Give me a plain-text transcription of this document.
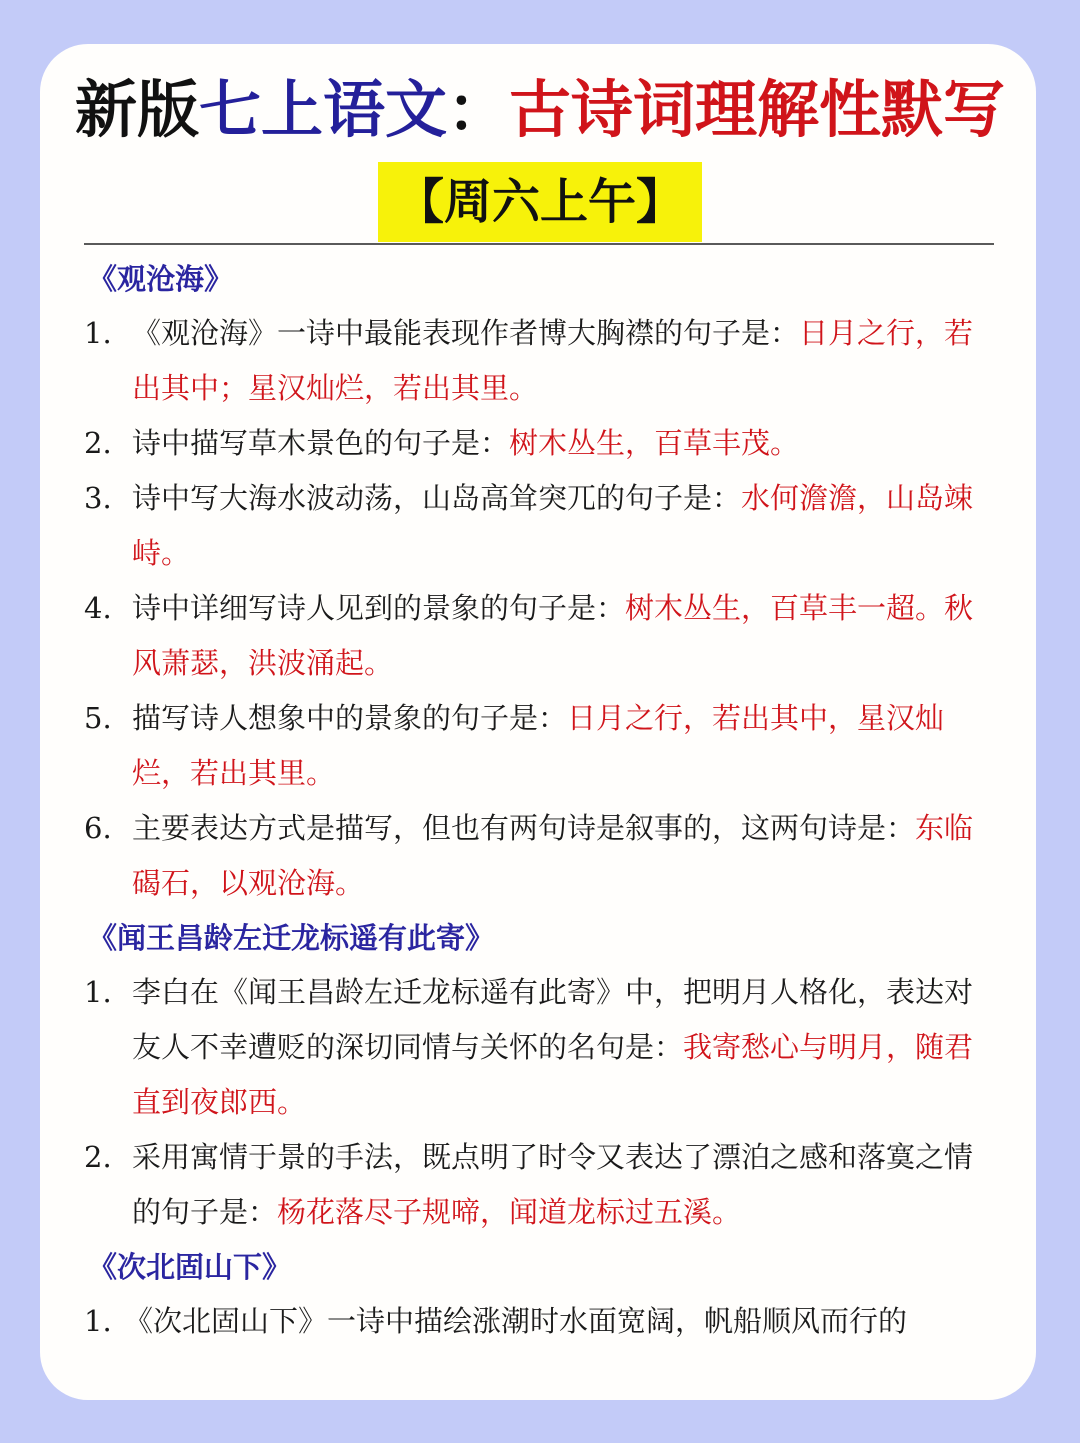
新版七上语文：古诗词理解性默写
【周六上午】
《观沧海》
1. 《观沧海》一诗中最能表现作者博大胸襟的句子是：日月之行，若出其中；星汉灿烂，若出其里。
2. 诗中描写草木景色的句子是：树木丛生，百草丰茂。
3. 诗中写大海水波动荡，山岛高耸突兀的句子是：水何澹澹，山岛竦峙。
4. 诗中详细写诗人见到的景象的句子是：树木丛生，百草丰一超。秋风萧瑟，洪波涌起。
5. 描写诗人想象中的景象的句子是：日月之行，若出其中，星汉灿烂，若出其里。
6. 主要表达方式是描写，但也有两句诗是叙事的，这两句诗是：东临碣石，以观沧海。
《闻王昌龄左迁龙标遥有此寄》
1. 李白在《闻王昌龄左迁龙标遥有此寄》中，把明月人格化，表达对友人不幸遭贬的深切同情与关怀的名句是：我寄愁心与明月，随君直到夜郎西。
2. 采用寓情于景的手法，既点明了时令又表达了漂泊之感和落寞之情的句子是：杨花落尽子规啼，闻道龙标过五溪。
《次北固山下》
1. 《次北固山下》一诗中描绘涨潮时水面宽阔，帆船顺风而行的
